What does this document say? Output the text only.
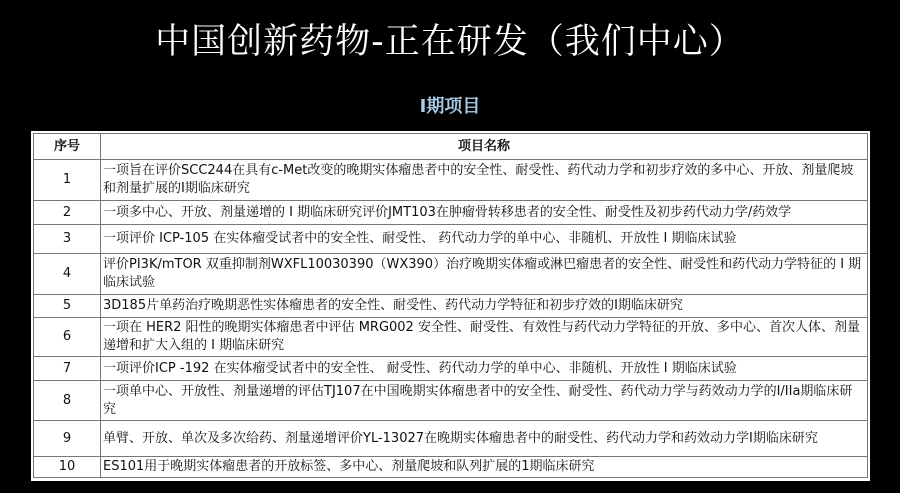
中国创新药物-正在研发（我们中心）
I期项目
序号	项目名称
1	一项旨在评价SCC244在具有c-Met改变的晚期实体瘤患者中的安全性、耐受性、药代动力学和初步疗效的多中心、开放、剂量爬坡和剂量扩展的I期临床研究
2	一项多中心、开放、剂量递增的 I 期临床研究评价JMT103在肿瘤骨转移患者的安全性、耐受性及初步药代动力学/药效学
3	一项评价 ICP-105 在实体瘤受试者中的安全性、耐受性、 药代动力学的单中心、非随机、开放性 I 期临床试验
4	评价PI3K/mTOR 双重抑制剂WXFL10030390（WX390）治疗晚期实体瘤或淋巴瘤患者的安全性、耐受性和药代动力学特征的 I 期临床试验
5	3D185片单药治疗晚期恶性实体瘤患者的安全性、耐受性、药代动力学特征和初步疗效的I期临床研究
6	一项在 HER2 阳性的晚期实体瘤患者中评估 MRG002 安全性、耐受性、有效性与药代动力学特征的开放、多中心、首次人体、剂量递增和扩大入组的 I 期临床研究
7	一项评价ICP -192 在实体瘤受试者中的安全性、 耐受性、药代动力学的单中心、非随机、开放性 I 期临床试验
8	一项单中心、开放性、剂量递增的评估TJ107在中国晚期实体瘤患者中的安全性、耐受性、药代动力学与药效动力学的I/IIa期临床研究
9	单臂、开放、单次及多次给药、剂量递增评价YL-13027在晚期实体瘤患者中的耐受性、药代动力学和药效动力学I期临床研究
10	ES101用于晚期实体瘤患者的开放标签、多中心、剂量爬坡和队列扩展的1期临床研究
